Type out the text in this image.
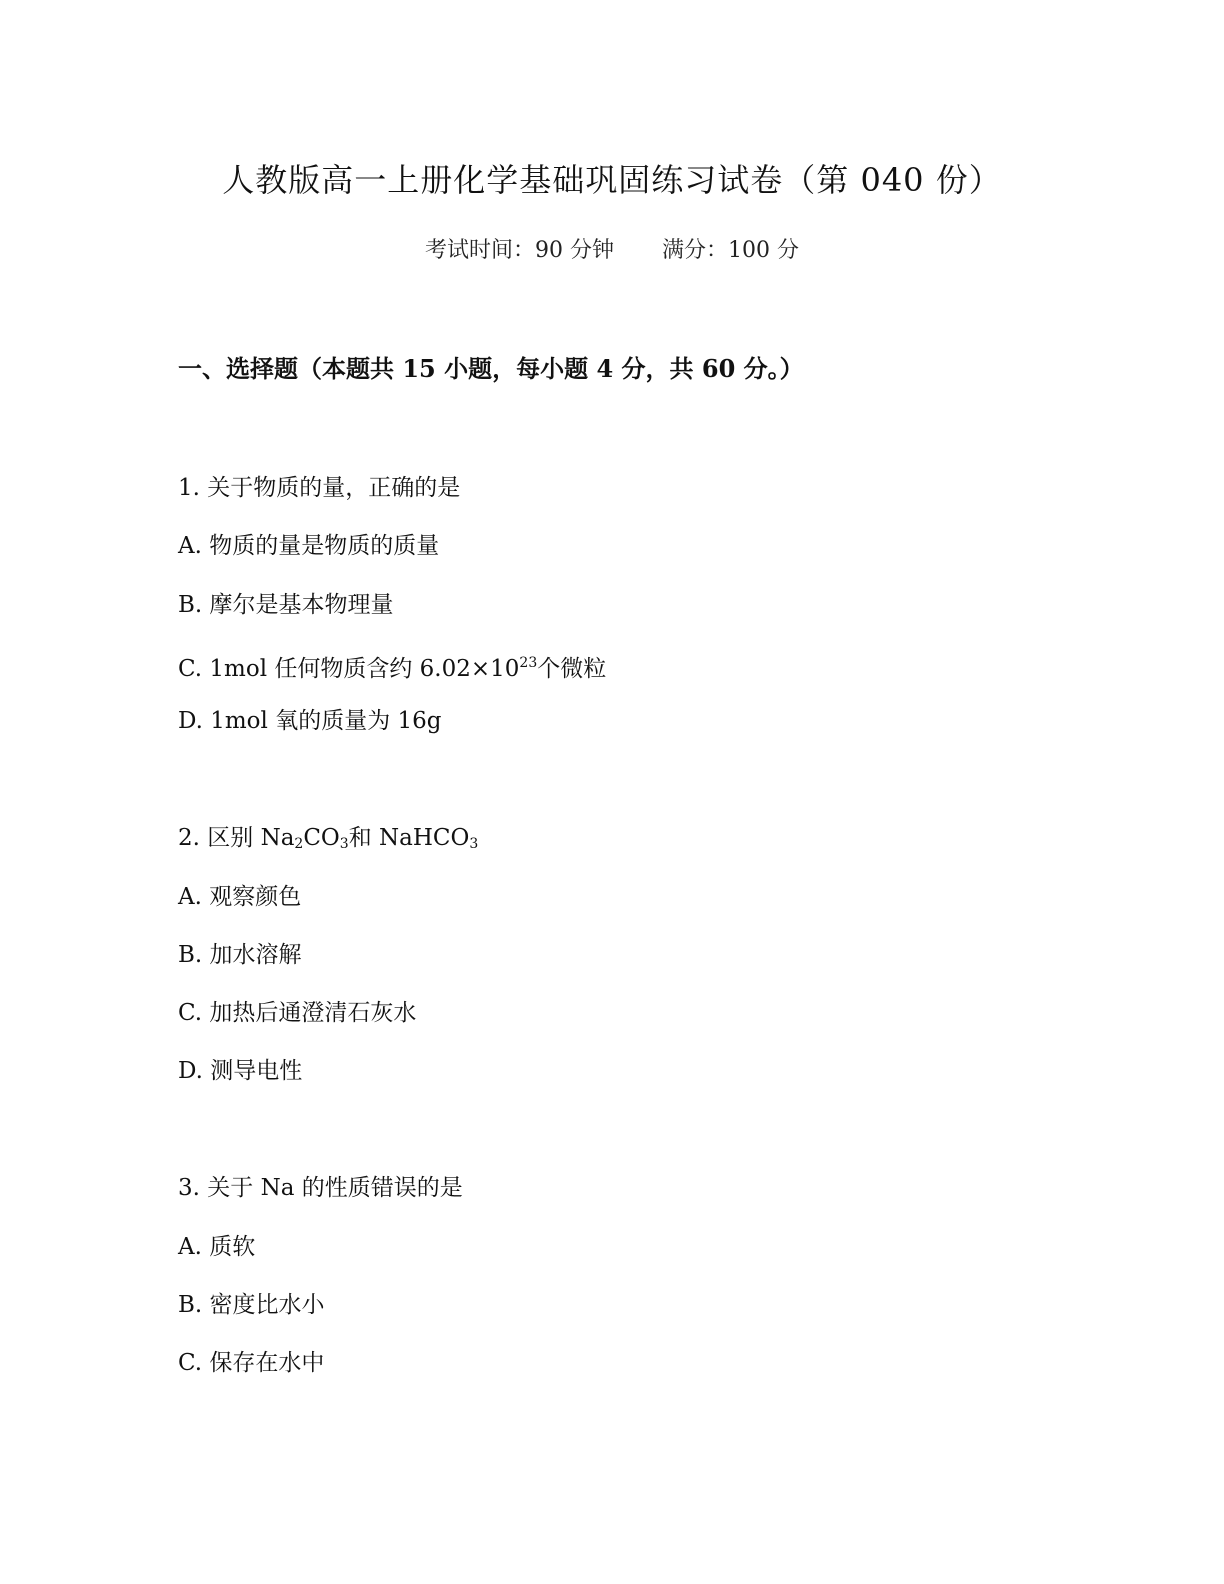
人教版高一上册化学基础巩固练习试卷（第 040 份）
考试时间：90 分钟 满分：100 分
一、选择题（本题共 15 小题，每小题 4 分，共 60 分。）
1. 关于物质的量，正确的是
A. 物质的量是物质的质量
B. 摩尔是基本物理量
C. 1mol 任何物质含约 $6.02\times 10^{23}$个微粒
D. 1mol 氧的质量为 16g
2. 区别 $Na_2CO_3$和 NaHCO$_3$
A. 观察颜色
B. 加水溶解
C. 加热后通澄清石灰水
D. 测导电性
3. 关于 Na 的性质错误的是
A. 质软
B. 密度比水小
C. 保存在水中
